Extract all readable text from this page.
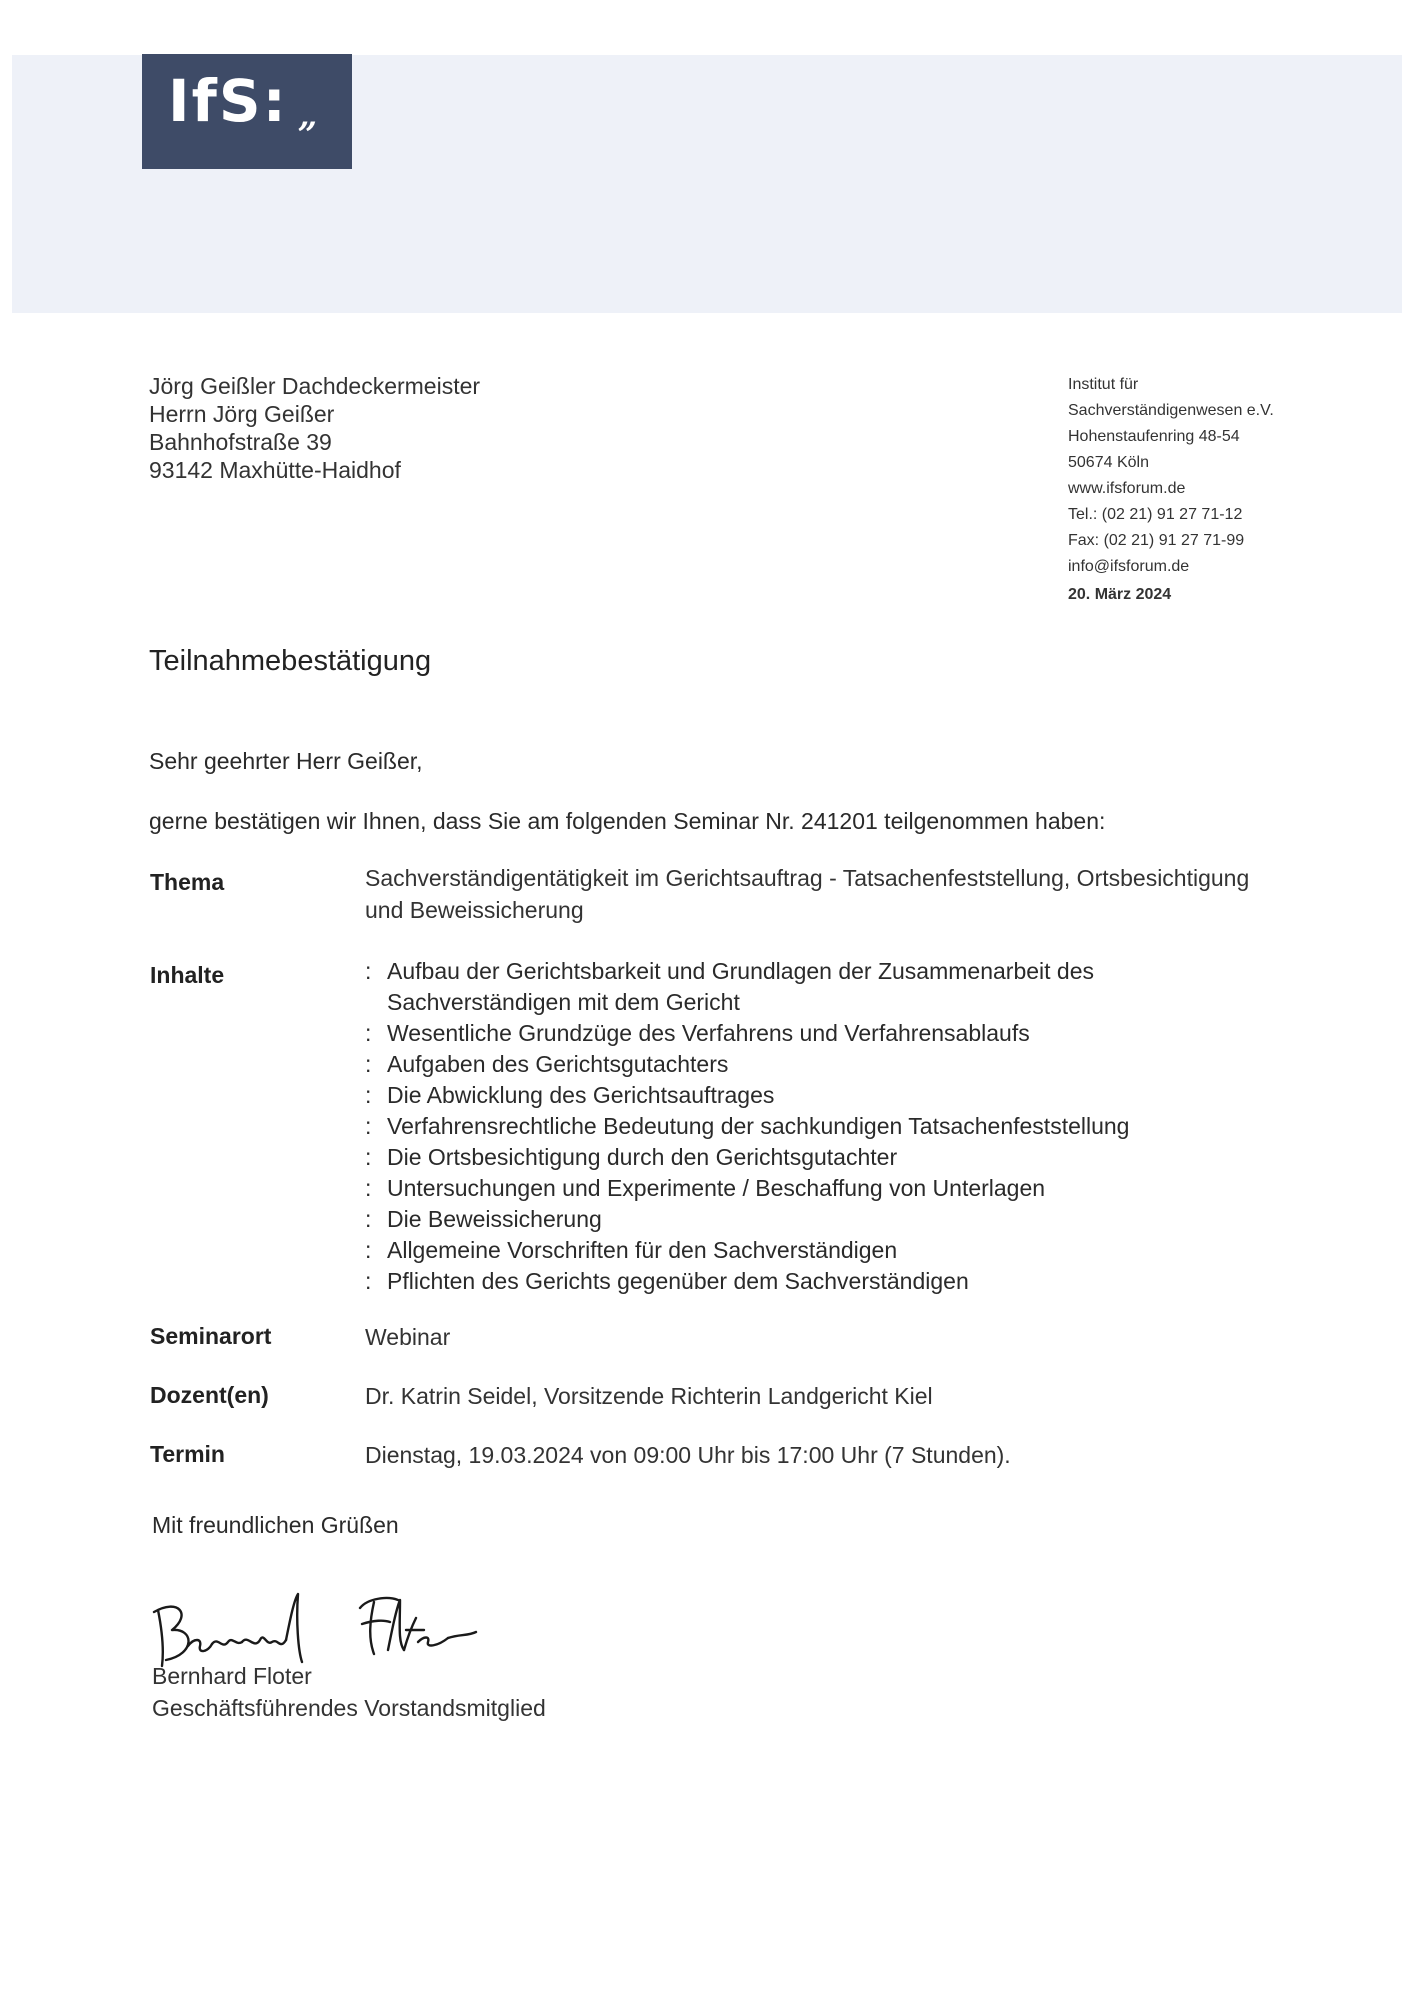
IfS: „
Jörg Geißler Dachdeckermeister
Herrn Jörg Geißer
Bahnhofstraße 39
93142 Maxhütte-Haidhof
Institut für
Sachverständigenwesen e.V.
Hohenstaufenring 48-54
50674 Köln
www.ifsforum.de
Tel.: (02 21) 91 27 71-12
Fax: (02 21) 91 27 71-99
info@ifsforum.de
20. März 2024
Teilnahmebestätigung
Sehr geehrter Herr Geißer,
gerne bestätigen wir Ihnen, dass Sie am folgenden Seminar Nr. 241201 teilgenommen haben:
Thema	Sachverständigentätigkeit im Gerichtsauftrag - Tatsachenfeststellung, Ortsbesichtigung und Beweissicherung
Inhalte
:	Aufbau der Gerichtsbarkeit und Grundlagen der Zusammenarbeit des
Sachverständigen mit dem Gericht
: Wesentliche Grundzüge des Verfahrens und Verfahrensablaufs
: Aufgaben des Gerichtsgutachters
: Die Abwicklung des Gerichtsauftrages
: Verfahrensrechtliche Bedeutung der sachkundigen Tatsachenfeststellung
: Die Ortsbesichtigung durch den Gerichtsgutachter
: Untersuchungen und Experimente / Beschaffung von Unterlagen
: Die Beweissicherung
: Allgemeine Vorschriften für den Sachverständigen
: Pflichten des Gerichts gegenüber dem Sachverständigen
Seminarort	Webinar
Dozent(en)	Dr. Katrin Seidel, Vorsitzende Richterin Landgericht Kiel
Termin	Dienstag, 19.03.2024 von 09:00 Uhr bis 17:00 Uhr (7 Stunden).
Mit freundlichen Grüßen
Bernhard Floter
Geschäftsführendes Vorstandsmitglied
